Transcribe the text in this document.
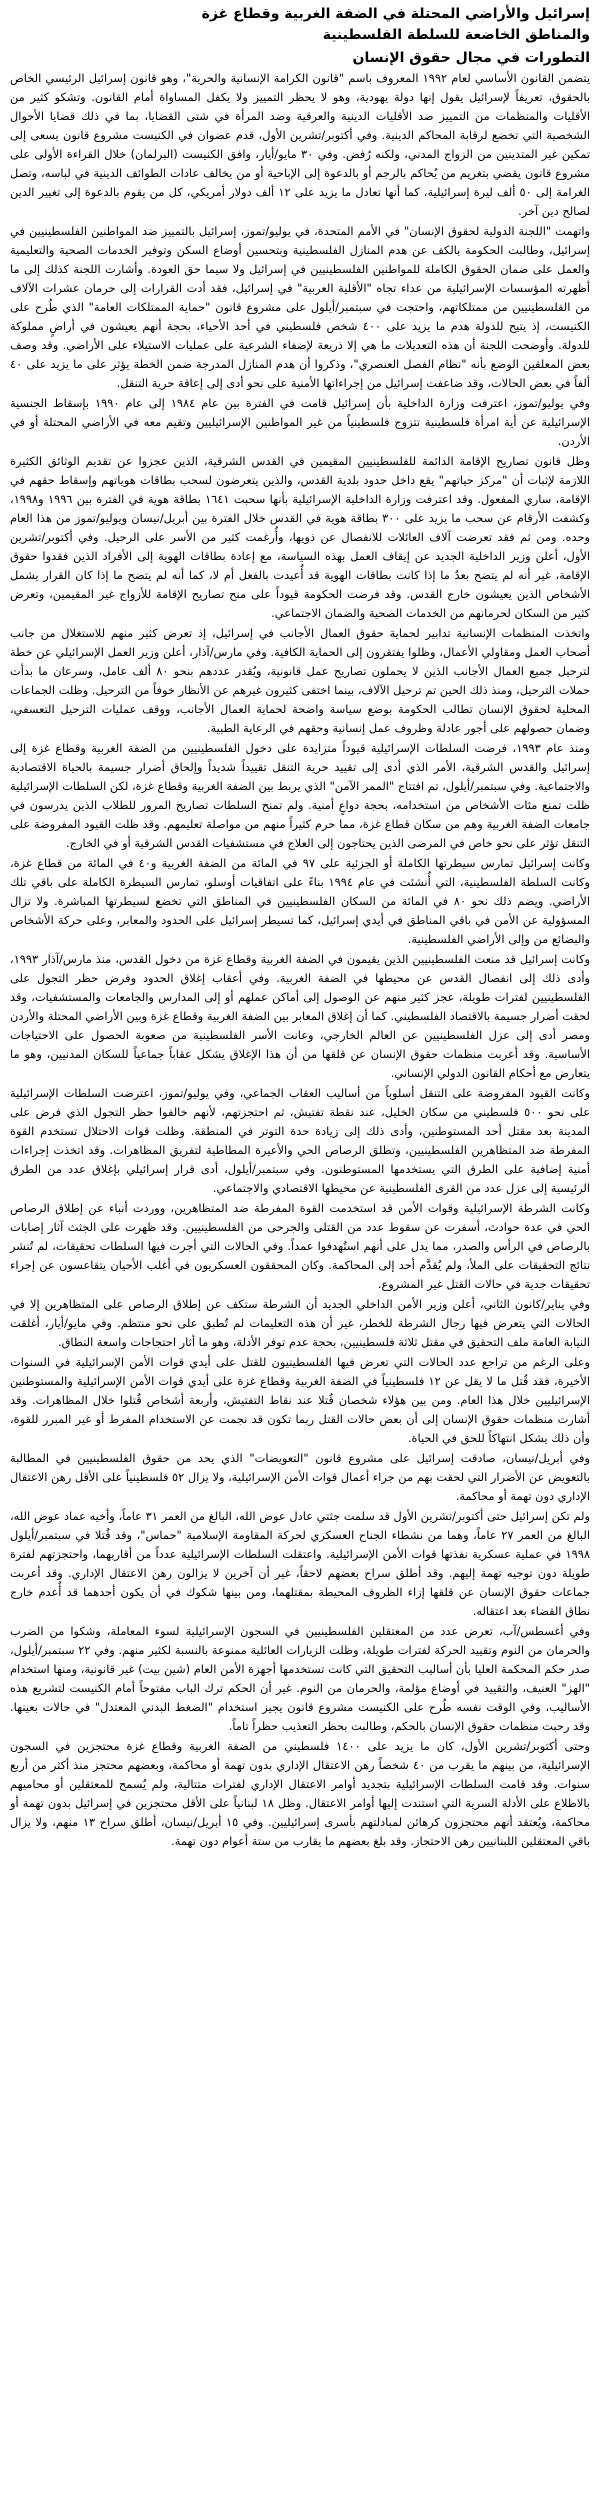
إسرائيل والأراضي المحتلة في الضفة الغربية وقطاع غزة
والمناطق الخاضعة للسلطة الفلسطينية
التطورات في مجال حقوق الإنسان

يتضمن القانون الأساسي لعام ١٩٩٢ المعروف باسم "قانون الكرامة الإنسانية والحرية"، وهو قانون إسرائيل الرئيسي الخاص بالحقوق، تعريفاً لإسرائيل يقول إنها دولة يهودية، وهو لا يحظر التمييز ولا يكفل المساواة أمام القانون. وتشكو كثير من الأقليات والمنظمات من التمييز ضد الأقليات الدينية والعرقية وضد المرأة في شتى القضايا، بما في ذلك قضايا الأحوال الشخصية التي تخضع لرقابة المحاكم الدينية. وفي أكتوبر/تشرين الأول، قدم عضوان في الكنيست مشروع قانون يسعى إلى تمكين غير المتدينين من الزواج المدني، ولكنه رُفض. وفي ٣٠ مايو/أيار، وافق الكنيست (البرلمان) خلال القراءة الأولى على مشروع قانون يقضي بتغريم من يُحاكم بالرجم أو بالدعوة إلى الإباحية أو من يخالف عادات الطوائف الدينية في لباسه، وتصل الغرامة إلى ٥٠ ألف ليرة إسرائيلية، كما أنها تعادل ما يزيد على ١٢ ألف دولار أمريكي، كل من يقوم بالدعوة إلى تغيير الدين لصالح دين آخر.

واتهمت "اللجنة الدولية لحقوق الإنسان" في الأمم المتحدة، في يوليو/تموز، إسرائيل بالتمييز ضد المواطنين الفلسطينيين في إسرائيل، وطالبت الحكومة بالكف عن هدم المنازل الفلسطينية وبتحسين أوضاع السكن وتوفير الخدمات الصحية والتعليمية والعمل على ضمان الحقوق الكاملة للمواطنين الفلسطينيين في إسرائيل ولا سيما حق العودة. وأشارت اللجنة كذلك إلى ما أظهرته المؤسسات الإسرائيلية من عداء تجاه "الأقلية العربية" في إسرائيل، فقد أدت القرارات إلى حرمان عشرات الآلاف من الفلسطينيين من ممتلكاتهم، واحتجت في سبتمبر/أيلول على مشروع قانون "حماية الممتلكات العامة" الذي طُرح على الكنيست، إذ يتيح للدولة هدم ما يزيد على ٤٠٠ شخص فلسطيني في أحد الأحياء، بحجة أنهم يعيشون في أراضٍ مملوكة للدولة. وأوضحت اللجنة أن هذه التعديلات ما هي إلا ذريعة لإضفاء الشرعية على عمليات الاستيلاء على الأراضي. وقد وصف بعض المعلقين الوضع بأنه "نظام الفصل العنصري"، وذكروا أن هدم المنازل المدرجة ضمن الخطة يؤثر على ما يزيد على ٤٠ ألفاً في بعض الحالات، وقد ضاعفت إسرائيل من إجراءاتها الأمنية على نحو أدى إلى إعاقة حرية التنقل.

وفي يوليو/تموز، اعترفت وزارة الداخلية بأن إسرائيل قامت في الفترة بين عام ١٩٨٤ إلى عام ١٩٩٠ بإسقاط الجنسية الإسرائيلية عن أية امرأة فلسطينية تتزوج فلسطينياً من غير المواطنين الإسرائيليين وتقيم معه في الأراضي المحتلة أو في الأردن.

وظل قانون تصاريح الإقامة الدائمة للفلسطينيين المقيمين في القدس الشرقية، الذين عجزوا عن تقديم الوثائق الكثيرة اللازمة لإثبات أن "مركز حياتهم" يقع داخل حدود بلدية القدس، والذين يتعرضون لسحب بطاقات هوياتهم وإسقاط حقهم في الإقامة، ساري المفعول. وقد اعترفت وزارة الداخلية الإسرائيلية بأنها سحبت ١٦٤١ بطاقة هوية في الفترة بين ١٩٩٦ و١٩٩٨، وكشفت الأرقام عن سحب ما يزيد على ٣٠٠ بطاقة هوية في القدس خلال الفترة بين أبريل/نيسان ويوليو/تموز من هذا العام وحده. ومن ثم فقد تعرضت آلاف العائلات للانفصال عن ذويها، وأُرغمت كثير من الأسر على الرحيل. وفي أكتوبر/تشرين الأول، أعلن وزير الداخلية الجديد عن إيقاف العمل بهذه السياسة، مع إعادة بطاقات الهوية إلى الأفراد الذين فقدوا حقوق الإقامة، غير أنه لم يتضح بعدُ ما إذا كانت بطاقات الهوية قد أُعيدت بالفعل أم لا، كما أنه لم يتضح ما إذا كان القرار يشمل الأشخاص الذين يعيشون خارج القدس. وقد فرضت الحكومة قيوداً على منح تصاريح الإقامة للأزواج غير المقيمين، وتعرض كثير من السكان لحرمانهم من الخدمات الصحية والضمان الاجتماعي.

واتخذت المنظمات الإنسانية تدابير لحماية حقوق العمال الأجانب في إسرائيل، إذ تعرض كثير منهم للاستغلال من جانب أصحاب العمل ومقاولي الأعمال، وظلوا يفتقرون إلى الحماية الكافية. وفي مارس/آذار، أعلن وزير العمل الإسرائيلي عن خطة لترحيل جميع العمال الأجانب الذين لا يحملون تصاريح عمل قانونية، ويُقدر عددهم بنحو ٨٠ ألف عامل، وسرعان ما بدأت حملات الترحيل، ومنذ ذلك الحين تم ترحيل الآلاف، بينما اختفى كثيرون غيرهم عن الأنظار خوفاً من الترحيل. وظلت الجماعات المحلية لحقوق الإنسان تطالب الحكومة بوضع سياسة واضحة لحماية العمال الأجانب، ووقف عمليات الترحيل التعسفي، وضمان حصولهم على أجور عادلة وظروف عمل إنسانية وحقهم في الرعاية الطبية.

ومنذ عام ١٩٩٣، فرضت السلطات الإسرائيلية قيوداً متزايدة على دخول الفلسطينيين من الضفة الغربية وقطاع غزة إلى إسرائيل والقدس الشرقية، الأمر الذي أدى إلى تقييد حرية التنقل تقييداً شديداً وإلحاق أضرار جسيمة بالحياة الاقتصادية والاجتماعية. وفي سبتمبر/أيلول، تم افتتاح "الممر الآمن" الذي يربط بين الضفة الغربية وقطاع غزة، لكن السلطات الإسرائيلية ظلت تمنع مئات الأشخاص من استخدامه، بحجة دواعٍ أمنية. ولم تمنح السلطات تصاريح المرور للطلاب الذين يدرسون في جامعات الضفة الغربية وهم من سكان قطاع غزة، مما حرم كثيراً منهم من مواصلة تعليمهم. وقد ظلت القيود المفروضة على التنقل تؤثر على نحو خاص في المرضى الذين يحتاجون إلى العلاج في مستشفيات القدس الشرقية أو في الخارج.

وكانت إسرائيل تمارس سيطرتها الكاملة أو الجزئية على ٩٧ في المائة من الضفة الغربية و٤٠ في المائة من قطاع غزة، وكانت السلطة الفلسطينية، التي أُنشئت في عام ١٩٩٤ بناءً على اتفاقيات أوسلو، تمارس السيطرة الكاملة على باقي تلك الأراضي. ويضم ذلك نحو ٨٠ في المائة من السكان الفلسطينيين في المناطق التي تخضع لسيطرتها المباشرة. ولا تزال المسؤولية عن الأمن في باقي المناطق في أيدي إسرائيل، كما تسيطر إسرائيل على الحدود والمعابر، وعلى حركة الأشخاص والبضائع من وإلى الأراضي الفلسطينية.

وكانت إسرائيل قد منعت الفلسطينيين الذين يقيمون في الضفة الغربية وقطاع غزة من دخول القدس، منذ مارس/آذار ١٩٩٣، وأدى ذلك إلى انفصال القدس عن محيطها في الضفة الغربية. وفي أعقاب إغلاق الحدود وفرض حظر التجول على الفلسطينيين لفترات طويلة، عجز كثير منهم عن الوصول إلى أماكن عملهم أو إلى المدارس والجامعات والمستشفيات، وقد لحقت أضرار جسيمة بالاقتصاد الفلسطيني. كما أن إغلاق المعابر بين الضفة الغربية وقطاع غزة وبين الأراضي المحتلة والأردن ومصر أدى إلى عزل الفلسطينيين عن العالم الخارجي، وعانت الأسر الفلسطينية من صعوبة الحصول على الاحتياجات الأساسية. وقد أعربت منظمات حقوق الإنسان عن قلقها من أن هذا الإغلاق يشكل عقاباً جماعياً للسكان المدنيين، وهو ما يتعارض مع أحكام القانون الدولي الإنساني.

وكانت القيود المفروضة على التنقل أسلوباً من أساليب العقاب الجماعي، وفي يوليو/تموز، اعترضت السلطات الإسرائيلية على نحو ٥٠٠ فلسطيني من سكان الخليل، عند نقطة تفتيش، ثم احتجزتهم، لأنهم خالفوا حظر التجول الذي فرض على المدينة بعد مقتل أحد المستوطنين، وأدى ذلك إلى زيادة حدة التوتر في المنطقة. وظلت قوات الاحتلال تستخدم القوة المفرطة ضد المتظاهرين الفلسطينيين، وتطلق الرصاص الحي والأعيرة المطاطية لتفريق المظاهرات. وقد اتخذت إجراءات أمنية إضافية على الطرق التي يستخدمها المستوطنون. وفي سبتمبر/أيلول، أدى قرار إسرائيلي بإغلاق عدد من الطرق الرئيسية إلى عزل عدد من القرى الفلسطينية عن محيطها الاقتصادي والاجتماعي.

وكانت الشرطة الإسرائيلية وقوات الأمن قد استخدمت القوة المفرطة ضد المتظاهرين، ووردت أنباء عن إطلاق الرصاص الحي في عدة حوادث، أسفرت عن سقوط عدد من القتلى والجرحى من الفلسطينيين. وقد ظهرت على الجثث آثار إصابات بالرصاص في الرأس والصدر، مما يدل على أنهم استُهدفوا عمداً. وفي الحالات التي أجرت فيها السلطات تحقيقات، لم تُنشر نتائج التحقيقات على الملأ، ولم يُقدَّم أحد إلى المحاكمة. وكان المحققون العسكريون في أغلب الأحيان يتقاعسون عن إجراء تحقيقات جدية في حالات القتل غير المشروع.

وفي يناير/كانون الثاني، أعلن وزير الأمن الداخلي الجديد أن الشرطة ستكف عن إطلاق الرصاص على المتظاهرين إلا في الحالات التي يتعرض فيها رجال الشرطة للخطر، غير أن هذه التعليمات لم تُطبق على نحو منتظم. وفي مايو/أيار، أغلقت النيابة العامة ملف التحقيق في مقتل ثلاثة فلسطينيين، بحجة عدم توفر الأدلة، وهو ما أثار احتجاجات واسعة النطاق.

وعلى الرغم من تراجع عدد الحالات التي تعرض فيها الفلسطينيون للقتل على أيدي قوات الأمن الإسرائيلية في السنوات الأخيرة، فقد قُتل ما لا يقل عن ١٢ فلسطينياً في الضفة الغربية وقطاع غزة على أيدي قوات الأمن الإسرائيلية والمستوطنين الإسرائيليين خلال هذا العام. ومن بين هؤلاء شخصان قُتلا عند نقاط التفتيش، وأربعة أشخاص قُتلوا خلال المظاهرات. وقد أشارت منظمات حقوق الإنسان إلى أن بعض حالات القتل ربما تكون قد نجمت عن الاستخدام المفرط أو غير المبرر للقوة، وأن ذلك يشكل انتهاكاً للحق في الحياة.

وفي أبريل/نيسان، صادقت إسرائيل على مشروع قانون "التعويضات" الذي يحد من حقوق الفلسطينيين في المطالبة بالتعويض عن الأضرار التي لحقت بهم من جراء أعمال قوات الأمن الإسرائيلية، ولا يزال ٥٢ فلسطينياً على الأقل رهن الاعتقال الإداري دون تهمة أو محاكمة.

ولم تكن إسرائيل حتى أكتوبر/تشرين الأول قد سلمت جثتي عادل عوض الله، البالغ من العمر ٣١ عاماً، وأخيه عماد عوض الله، البالغ من العمر ٢٧ عاماً، وهما من نشطاء الجناح العسكري لحركة المقاومة الإسلامية "حماس"، وقد قُتلا في سبتمبر/أيلول ١٩٩٨ في عملية عسكرية نفذتها قوات الأمن الإسرائيلية. واعتقلت السلطات الإسرائيلية عدداً من أقاربهما، واحتجزتهم لفترة طويلة دون توجيه تهمة إليهم. وقد أطلق سراح بعضهم لاحقاً، غير أن آخرين لا يزالون رهن الاعتقال الإداري. وقد أعربت جماعات حقوق الإنسان عن قلقها إزاء الظروف المحيطة بمقتلهما، ومن بينها شكوك في أن يكون أحدهما قد أُعدم خارج نطاق القضاء بعد اعتقاله.

وفي أغسطس/آب، تعرض عدد من المعتقلين الفلسطينيين في السجون الإسرائيلية لسوء المعاملة، وشكوا من الضرب والحرمان من النوم وتقييد الحركة لفترات طويلة، وظلت الزيارات العائلية ممنوعة بالنسبة لكثير منهم. وفي ٢٢ سبتمبر/أيلول، صدر حكم المحكمة العليا بأن أساليب التحقيق التي كانت تستخدمها أجهزة الأمن العام (شين بيت) غير قانونية، ومنها استخدام "الهز" العنيف، والتقييد في أوضاع مؤلمة، والحرمان من النوم. غير أن الحكم ترك الباب مفتوحاً أمام الكنيست لتشريع هذه الأساليب، وفي الوقت نفسه طُرح على الكنيست مشروع قانون يجيز استخدام "الضغط البدني المعتدل" في حالات بعينها. وقد رحبت منظمات حقوق الإنسان بالحكم، وطالبت بحظر التعذيب حظراً تاماً.

وحتى أكتوبر/تشرين الأول، كان ما يزيد على ١٤٠٠ فلسطيني من الضفة الغربية وقطاع غزة محتجزين في السجون الإسرائيلية، من بينهم ما يقرب من ٤٠ شخصاً رهن الاعتقال الإداري بدون تهمة أو محاكمة، وبعضهم محتجز منذ أكثر من أربع سنوات. وقد قامت السلطات الإسرائيلية بتجديد أوامر الاعتقال الإداري لفترات متتالية، ولم يُسمح للمعتقلين أو محاميهم بالاطلاع على الأدلة السرية التي استندت إليها أوامر الاعتقال. وظل ١٨ لبنانياً على الأقل محتجزين في إسرائيل بدون تهمة أو محاكمة، ويُعتقد أنهم محتجزون كرهائن لمبادلتهم بأسرى إسرائيليين. وفي ١٥ أبريل/نيسان، أطلق سراح ١٣ منهم، ولا يزال باقي المعتقلين اللبنانيين رهن الاحتجاز. وقد بلغ بعضهم ما يقارب من ستة أعوام دون تهمة.
